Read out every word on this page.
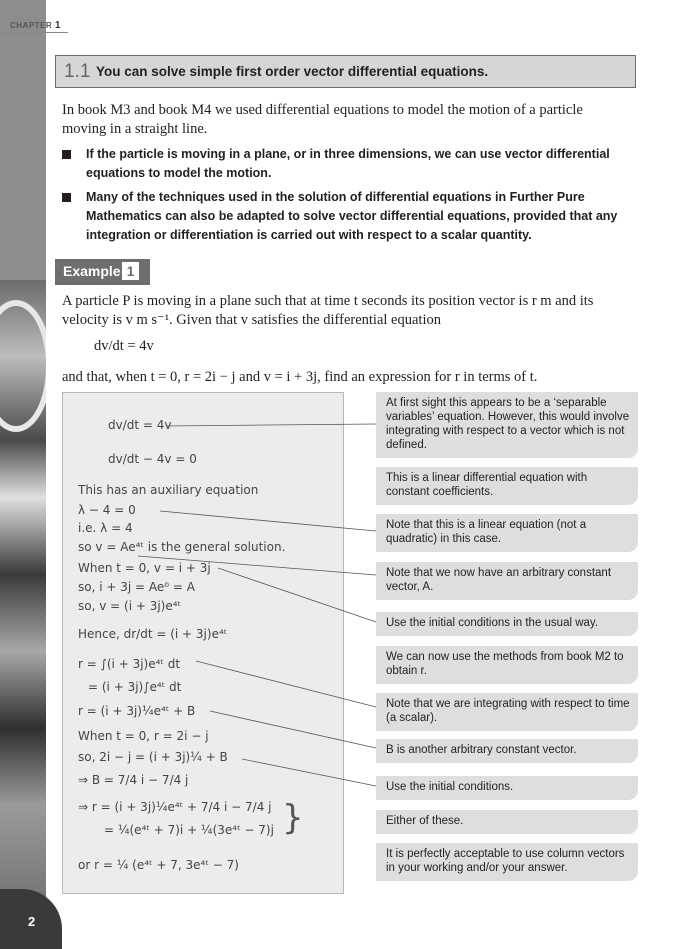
CHAPTER 1
1.1 You can solve simple first order vector differential equations.
In book M3 and book M4 we used differential equations to model the motion of a particle
moving in a straight line.
If the particle is moving in a plane, or in three dimensions, we can use vector differential
equations to model the motion.
Many of the techniques used in the solution of differential equations in Further Pure
Mathematics can also be adapted to solve vector differential equations, provided that any
integration or differentiation is carried out with respect to a scalar quantity.
Example 1
A particle P is moving in a plane such that at time t seconds its position vector is r m and its
velocity is v m s⁻¹. Given that v satisfies the differential equation
dv/dt = 4v
and that, when t = 0, r = 2i − j and v = i + 3j, find an expression for r in terms of t.
dv/dt = 4v
dv/dt − 4v = 0
This has an auxiliary equation
λ − 4 = 0
i.e. λ = 4
so v = Ae⁴ᵗ is the general solution.
When t = 0, v = i + 3j
so, i + 3j = Ae⁰ = A
so, v = (i + 3j)e⁴ᵗ
Hence, dr/dt = (i + 3j)e⁴ᵗ
r = ∫(i + 3j)e⁴ᵗ dt
= (i + 3j)∫e⁴ᵗ dt
r = (i + 3j)¼e⁴ᵗ + B
When t = 0, r = 2i − j
so, 2i − j = (i + 3j)¼ + B
⇒ B = 7/4 i − 7/4 j
⇒ r = (i + 3j)¼e⁴ᵗ + 7/4 i − 7/4 j
= ¼(e⁴ᵗ + 7)i + ¼(3e⁴ᵗ − 7)j
or r = ¼ (e⁴ᵗ + 7, 3e⁴ᵗ − 7)
}
At first sight this appears to be a ‘separable variables’ equation. However, this would involve integrating with respect to a vector which is not defined.
This is a linear differential equation with constant coefficients.
Note that this is a linear equation (not a quadratic) in this case.
Note that we now have an arbitrary constant vector, A.
Use the initial conditions in the usual way.
We can now use the methods from book M2 to obtain r.
Note that we are integrating with respect to time (a scalar).
B is another arbitrary constant vector.
Use the initial conditions.
Either of these.
It is perfectly acceptable to use column vectors in your working and/or your answer.
2
